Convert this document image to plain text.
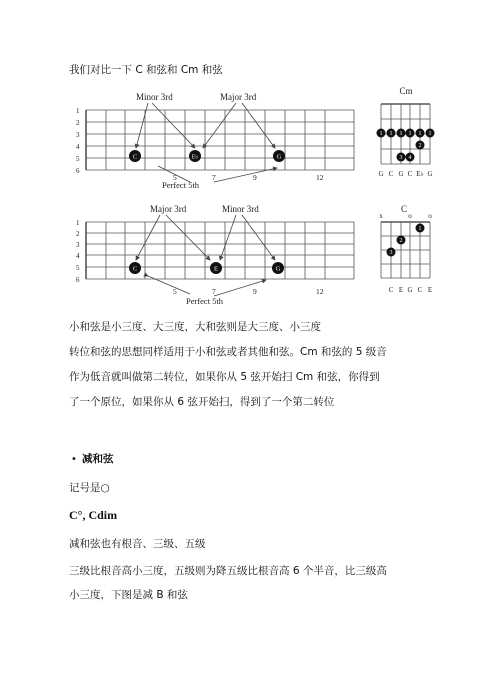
我们对比一下 C 和弦和 Cm 和弦
Minor 3rd	Major 3rd
1
2
3
4
5
6
C	E♭	G
5	7	9	12
Perfect 5th
Major 3rd	Minor 3rd
1
2
3
4
5
6
C	E	G
5	7	9	12
Perfect 5th
Cm
1 1 1 1 1 1
2
3 4
G C G C E♭ G
C
x	o o
1
2
3
C E G C E
小和弦是小三度、大三度，大和弦则是大三度、小三度
转位和弦的思想同样适用于小和弦或者其他和弦。Cm 和弦的 5 级音
作为低音就叫做第二转位，如果你从 5 弦开始扫 Cm 和弦，你得到
了一个原位，如果你从 6 弦开始扫，得到了一个第二转位
• 减和弦
记号是○
C°, Cdim
减和弦也有根音、三级、五级
三级比根音高小三度，五级则为降五级比根音高 6 个半音，比三级高
小三度，下图是减 B 和弦
